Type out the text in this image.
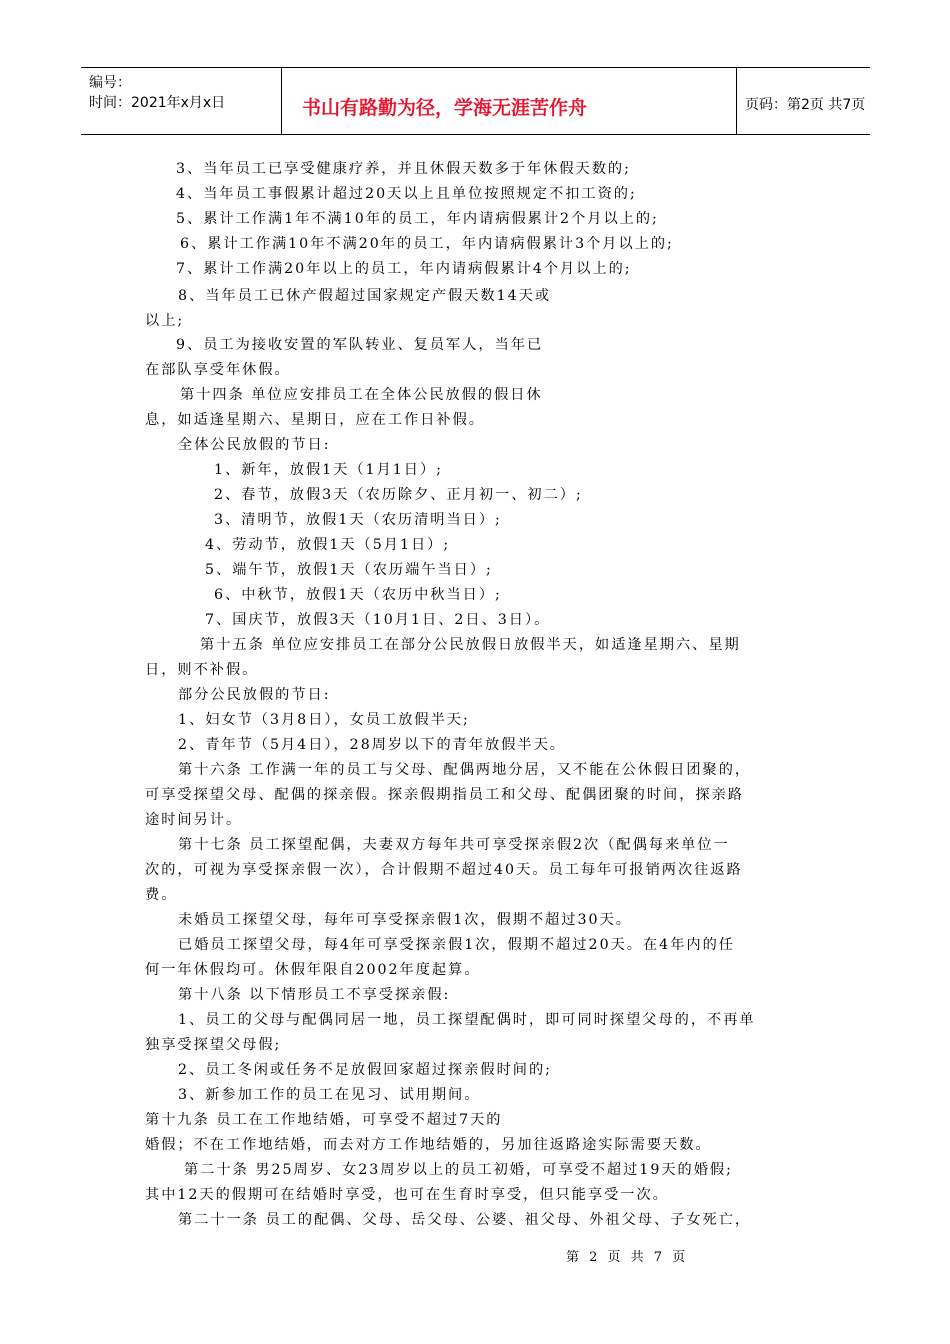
编号：
时间：2021年x月x日	书山有路勤为径，学海无涯苦作舟	页码：第2页 共7页
3、当年员工已享受健康疗养，并且休假天数多于年休假天数的;
4、当年员工事假累计超过20天以上且单位按照规定不扣工资的;
5、累计工作满1年不满10年的员工，年内请病假累计2个月以上的;
6、累计工作满10年不满20年的员工，年内请病假累计3个月以上的;
7、累计工作满20年以上的员工，年内请病假累计4个月以上的;
8、当年员工已休产假超过国家规定产假天数14天或
以上;
9、员工为接收安置的军队转业、复员军人，当年已
在部队享受年休假。
第十四条 单位应安排员工在全体公民放假的假日休
息，如适逢星期六、星期日，应在工作日补假。
全体公民放假的节日:
1、新年，放假1天（1月1日）;
2、春节，放假3天（农历除夕、正月初一、初二）;
3、清明节，放假1天（农历清明当日）;
4、劳动节，放假1天（5月1日）;
5、端午节，放假1天（农历端午当日）;
6、中秋节，放假1天（农历中秋当日）;
7、国庆节，放假3天（10月1日、2日、3日）。
第十五条 单位应安排员工在部分公民放假日放假半天，如适逢星期六、星期
日，则不补假。
部分公民放假的节日:
1、妇女节（3月8日），女员工放假半天;
2、青年节（5月4日），28周岁以下的青年放假半天。
第十六条 工作满一年的员工与父母、配偶两地分居，又不能在公休假日团聚的，
可享受探望父母、配偶的探亲假。探亲假期指员工和父母、配偶团聚的时间，探亲路
途时间另计。
第十七条 员工探望配偶，夫妻双方每年共可享受探亲假2次（配偶每来单位一
次的，可视为享受探亲假一次），合计假期不超过40天。员工每年可报销两次往返路
费。
未婚员工探望父母，每年可享受探亲假1次，假期不超过30天。
已婚员工探望父母，每4年可享受探亲假1次，假期不超过20天。在4年内的任
何一年休假均可。休假年限自2002年度起算。
第十八条 以下情形员工不享受探亲假:
1、员工的父母与配偶同居一地，员工探望配偶时，即可同时探望父母的，不再单
独享受探望父母假;
2、员工冬闲或任务不足放假回家超过探亲假时间的;
3、新参加工作的员工在见习、试用期间。
第十九条 员工在工作地结婚，可享受不超过7天的
婚假；不在工作地结婚，而去对方工作地结婚的，另加往返路途实际需要天数。
第二十条 男25周岁、女23周岁以上的员工初婚，可享受不超过19天的婚假;
其中12天的假期可在结婚时享受，也可在生育时享受，但只能享受一次。
第二十一条 员工的配偶、父母、岳父母、公婆、祖父母、外祖父母、子女死亡，
第 2 页 共 7 页
